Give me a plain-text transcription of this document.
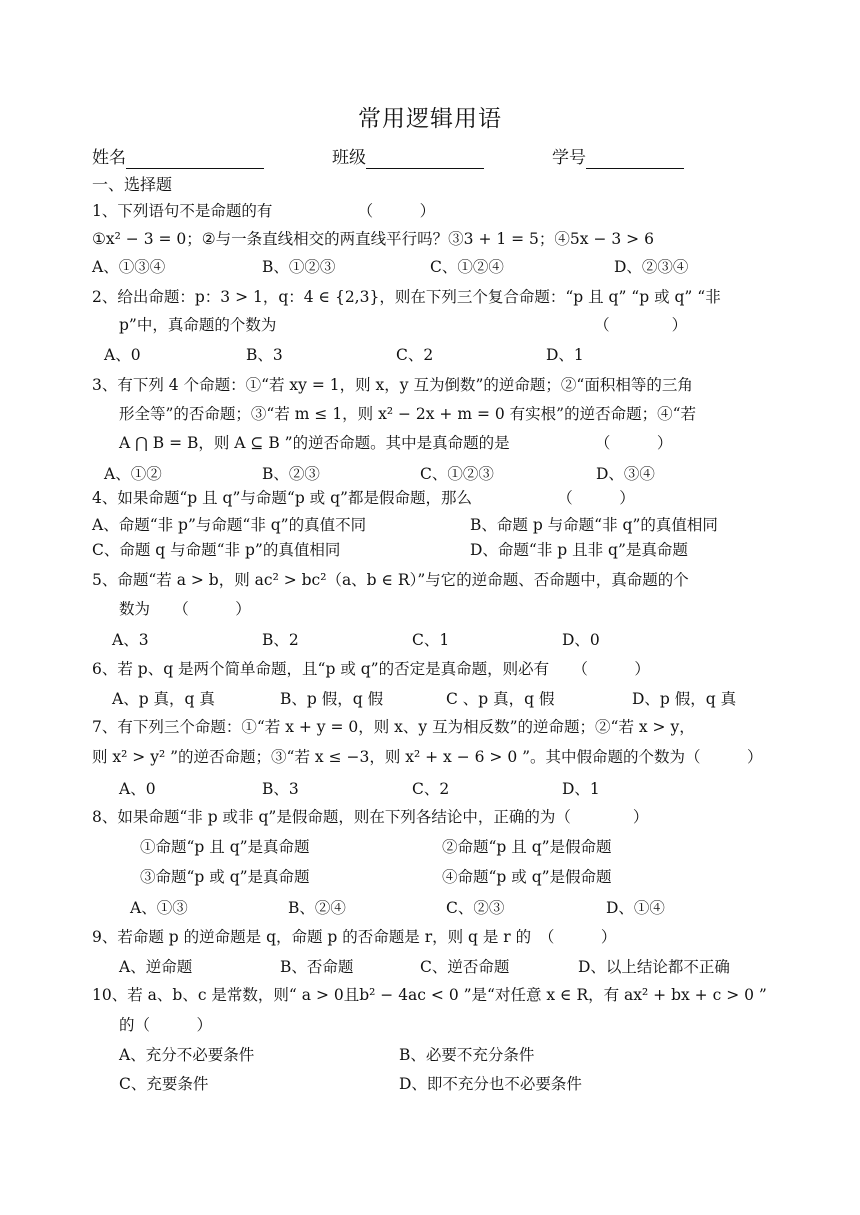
常用逻辑用语
姓名	班级	学号
一、选择题
1、下列语句不是命题的有　　　　　　（　　　）
①x² − 3 = 0；②与一条直线相交的两直线平行吗？③3 + 1 = 5；④5x − 3 > 6
A、①③④	B、①②③	C、①②④	D、②③④
2、给出命题：p：3 > 1，q：4 ∈ {2,3}，则在下列三个复合命题：“p 且 q” “p 或 q” “非
p”中，真命题的个数为　　　　　　　　　　　　　　　　　　　　　（　　　　）
A、0	B、3	C、2	D、1
3、有下列 4 个命题：①“若 xy = 1，则 x，y 互为倒数”的逆命题；②“面积相等的三角
形全等”的否命题；③“若 m ≤ 1，则 x² − 2x + m = 0 有实根”的逆否命题；④“若
A ⋂ B = B，则 A ⊆ B ”的逆否命题。其中是真命题的是　　　　　　（　　　）
A、①②	B、②③	C、①②③	D、③④
4、如果命题“p 且 q”与命题“p 或 q”都是假命题，那么　　　　　　（　　　）
A、命题“非 p”与命题“非 q”的真值不同	B、命题 p 与命题“非 q”的真值相同
C、命题 q 与命题“非 p”的真值相同	D、命题“非 p 且非 q”是真命题
5、命题“若 a > b，则 ac² > bc²（a、b ∈ R）”与它的逆命题、否命题中，真命题的个
数为　　（　　　）
A、3	B、2	C、1	D、0
6、若 p、q 是两个简单命题，且“p 或 q”的否定是真命题，则必有　　（　　　）
A、p 真，q 真	B、p 假，q 假	C 、p 真，q 假	D、p 假，q 真
7、有下列三个命题：①“若 x + y = 0，则 x、y 互为相反数”的逆命题；②“若 x > y，
则 x² > y² ”的逆否命题；③“若 x ≤ −3，则 x² + x − 6 > 0 ”。其中假命题的个数为（　　　）
A、0	B、3	C、2	D、1
8、如果命题“非 p 或非 q”是假命题，则在下列各结论中，正确的为（　　　　）
①命题“p 且 q”是真命题	②命题“p 且 q”是假命题
③命题“p 或 q”是真命题	④命题“p 或 q”是假命题
A、①③	B、②④	C、②③	D、①④
9、若命题 p 的逆命题是 q，命题 p 的否命题是 r，则 q 是 r 的　（　　　）
A、逆命题	B、否命题	C、逆否命题	D、以上结论都不正确
10、若 a、b、c 是常数，则“ a > 0且b² − 4ac < 0 ”是“对任意 x ∈ R，有 ax² + bx + c > 0 ”
的（　　　）
A、充分不必要条件	B、必要不充分条件
C、充要条件	D、即不充分也不必要条件
